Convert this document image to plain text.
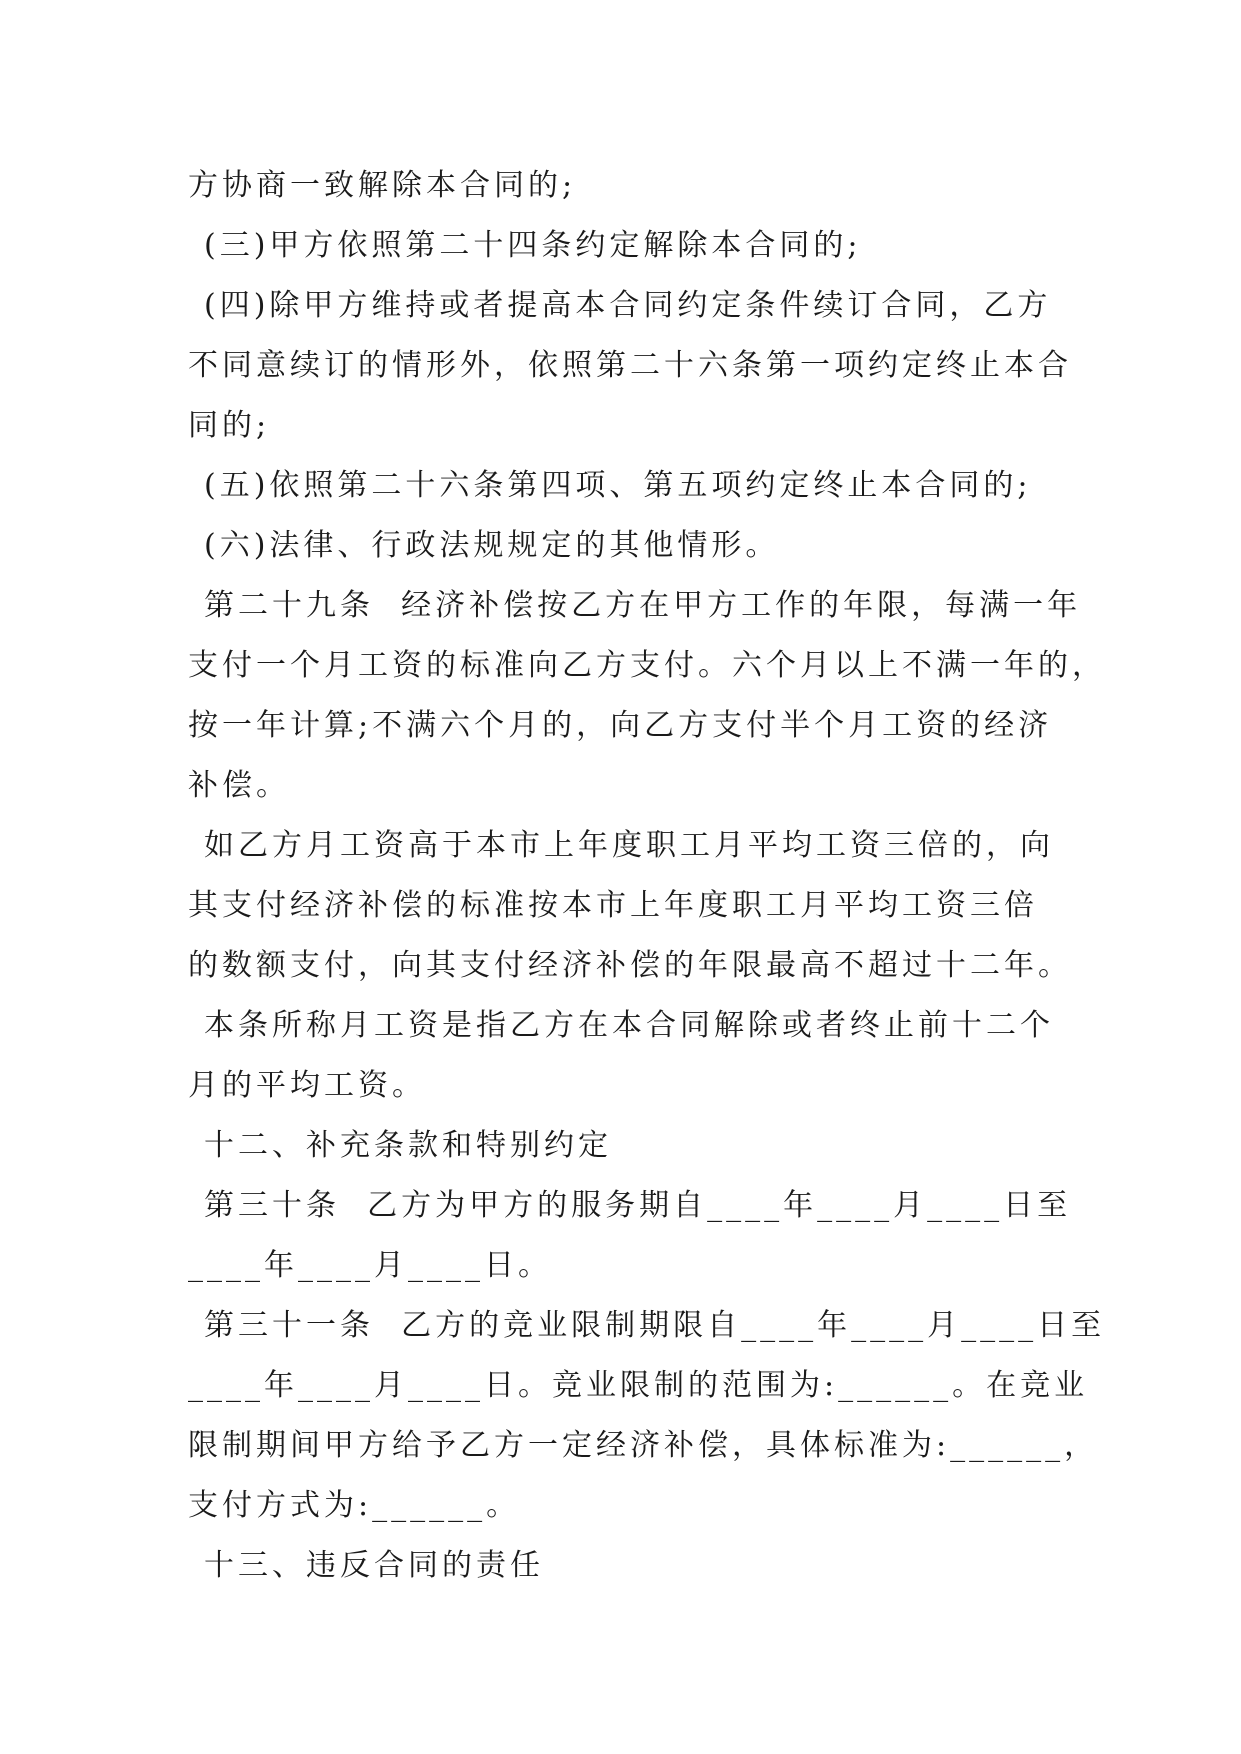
方协商一致解除本合同的;
(三)甲方依照第二十四条约定解除本合同的;
(四)除甲方维持或者提高本合同约定条件续订合同，乙方
不同意续订的情形外，依照第二十六条第一项约定终止本合
同的;
(五)依照第二十六条第四项、第五项约定终止本合同的;
(六)法律、行政法规规定的其他情形。
第二十九条  经济补偿按乙方在甲方工作的年限，每满一年
支付一个月工资的标准向乙方支付。六个月以上不满一年的，
按一年计算;不满六个月的，向乙方支付半个月工资的经济
补偿。
如乙方月工资高于本市上年度职工月平均工资三倍的，向
其支付经济补偿的标准按本市上年度职工月平均工资三倍
的数额支付，向其支付经济补偿的年限最高不超过十二年。
本条所称月工资是指乙方在本合同解除或者终止前十二个
月的平均工资。
十二、补充条款和特别约定
第三十条  乙方为甲方的服务期自____年____月____日至
____年____月____日。
第三十一条  乙方的竞业限制期限自____年____月____日至
____年____月____日。竞业限制的范围为:______。在竞业
限制期间甲方给予乙方一定经济补偿，具体标准为:______，
支付方式为:______。
十三、违反合同的责任
